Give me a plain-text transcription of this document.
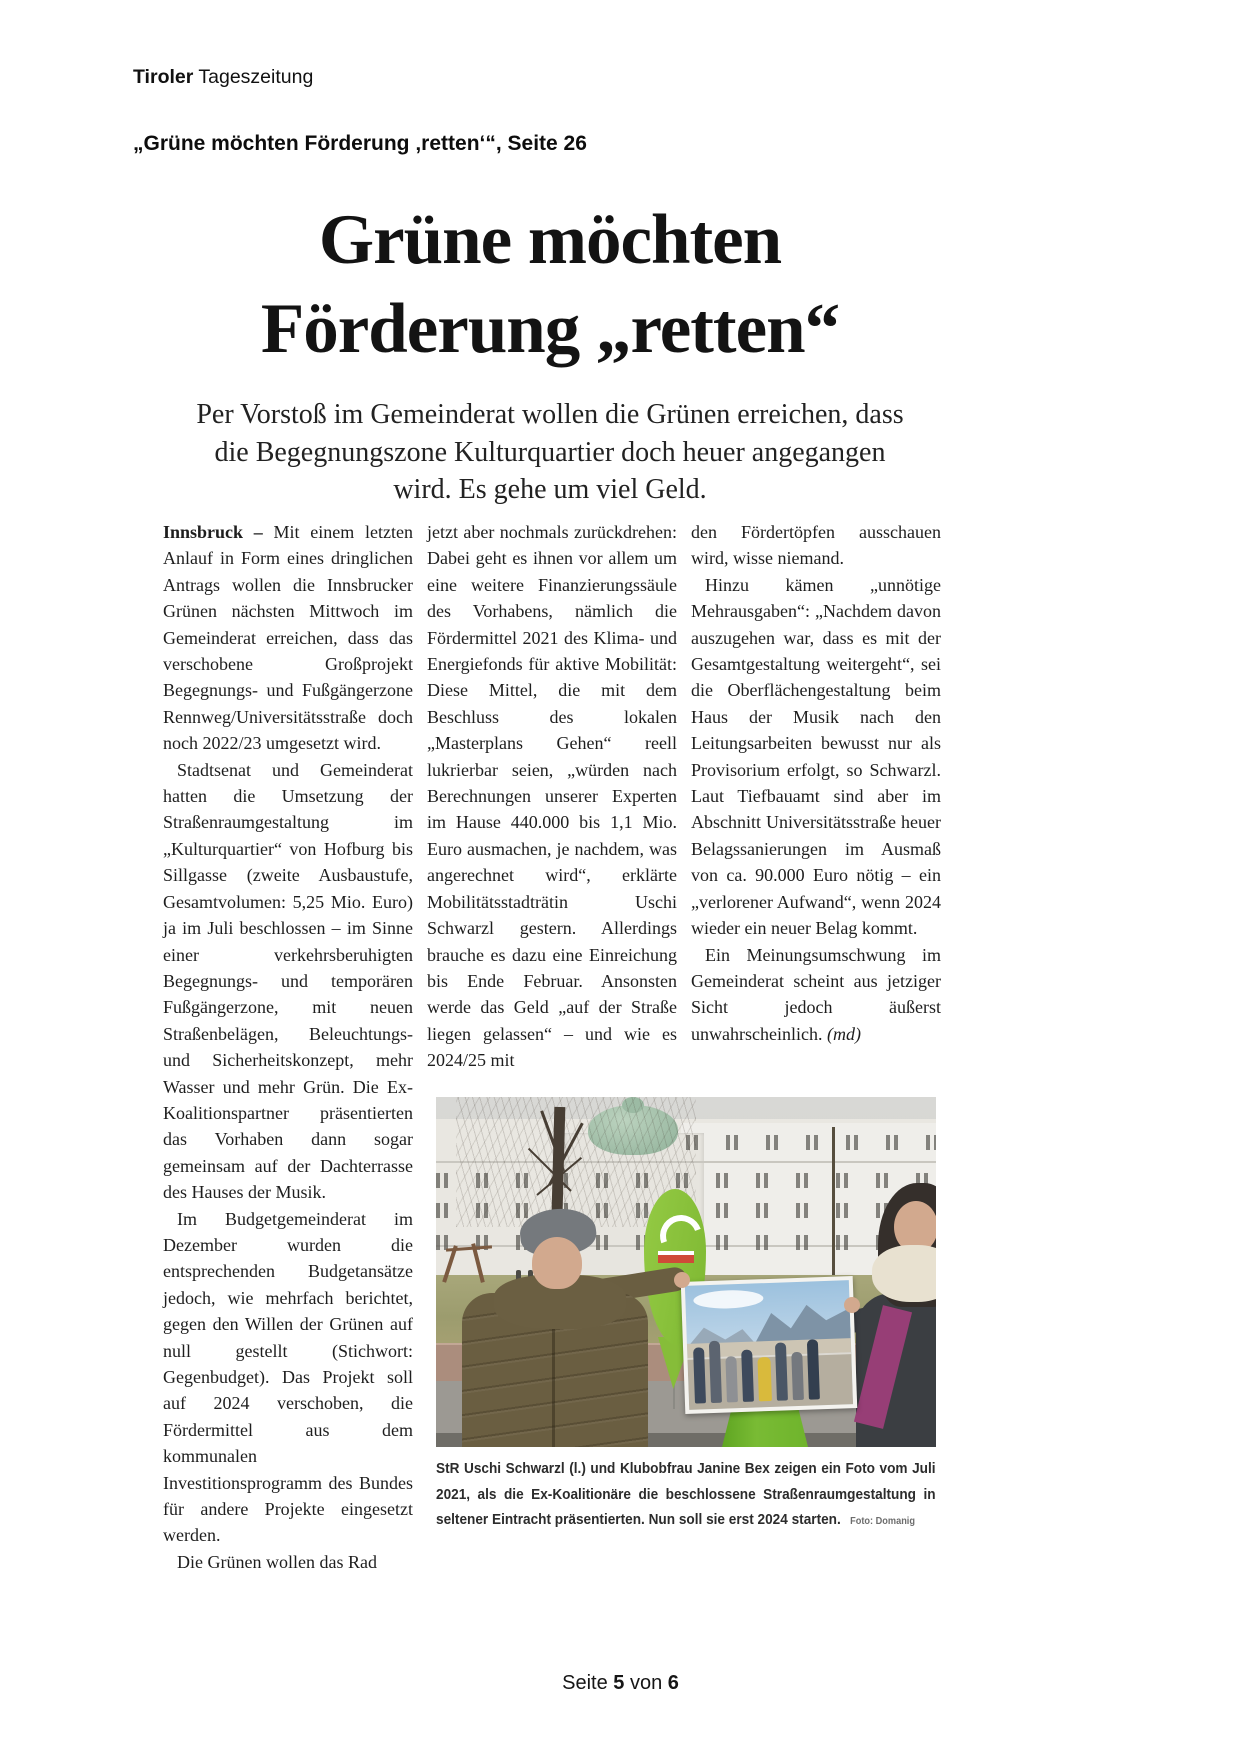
Tiroler Tageszeitung
„Grüne möchten Förderung ‚retten‘“, Seite 26
Grüne möchten
Förderung „retten“

Per Vorstoß im Gemeinderat wollen die Grünen erreichen, dass die Begegnungszone Kulturquartier doch heuer angegangen wird. Es gehe um viel Geld.

Innsbruck – Mit einem letzten Anlauf in Form eines dringlichen Antrags wollen die Innsbrucker Grünen nächsten Mittwoch im Gemeinderat erreichen, dass das verschobene Großprojekt Begegnungs- und Fußgängerzone Rennweg/Universitätsstraße doch noch 2022/23 umgesetzt wird.

Stadtsenat und Gemeinderat hatten die Umsetzung der Straßenraumgestaltung im „Kulturquartier“ von Hofburg bis Sillgasse (zweite Ausbaustufe, Gesamtvolumen: 5,25 Mio. Euro) ja im Juli beschlossen – im Sinne einer verkehrsberuhigten Begegnungs- und temporären Fußgängerzone, mit neuen Straßenbelägen, Beleuchtungs- und Sicherheitskonzept, mehr Wasser und mehr Grün. Die Ex-Koalitionspartner präsentierten das Vorhaben dann sogar gemeinsam auf der Dachterrasse des Hauses der Musik.

Im Budgetgemeinderat im Dezember wurden die entsprechenden Budgetansätze jedoch, wie mehrfach berichtet, gegen den Willen der Grünen auf null gestellt (Stichwort: Gegenbudget). Das Projekt soll auf 2024 verschoben, die Fördermittel aus dem kommunalen Investitionsprogramm des Bundes für andere Projekte eingesetzt werden.

Die Grünen wollen das Rad

jetzt aber nochmals zurückdrehen: Dabei geht es ihnen vor allem um eine weitere Finanzierungssäule des Vorhabens, nämlich die Fördermittel 2021 des Klima- und Energiefonds für aktive Mobilität: Diese Mittel, die mit dem Beschluss des lokalen „Masterplans Gehen“ reell lukrierbar seien, „würden nach Berechnungen unserer Experten im Hause 440.000 bis 1,1 Mio. Euro ausmachen, je nachdem, was angerechnet wird“, erklärte Mobilitätsstadträtin Uschi Schwarzl gestern. Allerdings brauche es dazu eine Einreichung bis Ende Februar. Ansonsten werde das Geld „auf der Straße liegen gelassen“ – und wie es 2024/25 mit

den Fördertöpfen ausschauen wird, wisse niemand.

Hinzu kämen „unnötige Mehrausgaben“: „Nachdem davon auszugehen war, dass es mit der Gesamtgestaltung weitergeht“, sei die Oberflächengestaltung beim Haus der Musik nach den Leitungsarbeiten bewusst nur als Provisorium erfolgt, so Schwarzl. Laut Tiefbauamt sind aber im Abschnitt Universitätsstraße heuer Belagssanierungen im Ausmaß von ca. 90.000 Euro nötig – ein „verlorener Aufwand“, wenn 2024 wieder ein neuer Belag kommt.

Ein Meinungsumschwung im Gemeinderat scheint aus jetziger Sicht jedoch äußerst unwahrscheinlich. (md)

StR Uschi Schwarzl (l.) und Klubobfrau Janine Bex zeigen ein Foto vom Juli 2021, als die Ex-Koalitionäre die beschlossene Straßenraumgestaltung in seltener Eintracht präsentierten. Nun soll sie erst 2024 starten. Foto: Domanig
Seite 5 von 6
